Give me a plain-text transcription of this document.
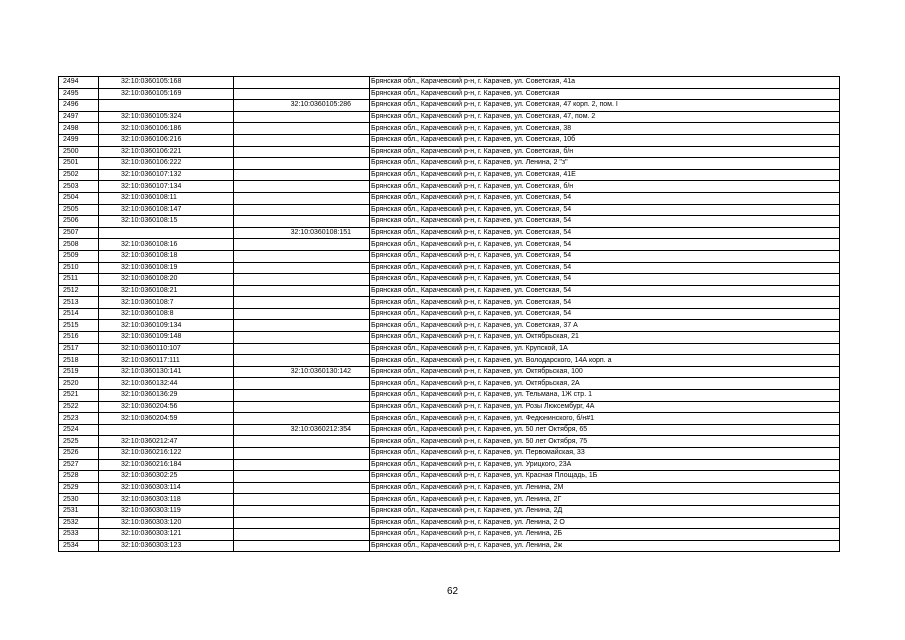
2494	32:10:0360105:168		Брянская обл., Карачевский р-н, г. Карачев, ул. Советская, 41а
2495	32:10:0360105:169		Брянская обл., Карачевский р-н, г. Карачев, ул. Советская
2496		32:10:0360105:286	Брянская обл., Карачевский р-н, г. Карачев, ул. Советская, 47 корп. 2, пом. I
2497	32:10:0360105:324		Брянская обл., Карачевский р-н, г. Карачев, ул. Советская, 47, пом. 2
2498	32:10:0360106:186		Брянская обл., Карачевский р-н, г. Карачев, ул. Советская, 38
2499	32:10:0360106:216		Брянская обл., Карачевский р-н, г. Карачев, ул. Советская, 10б
2500	32:10:0360106:221		Брянская обл., Карачевский р-н, г. Карачев, ул. Советская, б/н
2501	32:10:0360106:222		Брянская обл., Карачевский р-н, г. Карачев, ул. Ленина, 2 "з"
2502	32:10:0360107:132		Брянская обл., Карачевский р-н, г. Карачев, ул. Советская, 41Е
2503	32:10:0360107:134		Брянская обл., Карачевский р-н, г. Карачев, ул. Советская, б/н
2504	32:10:0360108:11		Брянская обл., Карачевский р-н, г. Карачев, ул. Советская, 54
2505	32:10:0360108:147		Брянская обл., Карачевский р-н, г. Карачев, ул. Советская, 54
2506	32:10:0360108:15		Брянская обл., Карачевский р-н, г. Карачев, ул. Советская, 54
2507		32:10:0360108:151	Брянская обл., Карачевский р-н, г. Карачев, ул. Советская, 54
2508	32:10:0360108:16		Брянская обл., Карачевский р-н, г. Карачев, ул. Советская, 54
2509	32:10:0360108:18		Брянская обл., Карачевский р-н, г. Карачев, ул. Советская, 54
2510	32:10:0360108:19		Брянская обл., Карачевский р-н, г. Карачев, ул. Советская, 54
2511	32:10:0360108:20		Брянская обл., Карачевский р-н, г. Карачев, ул. Советская, 54
2512	32:10:0360108:21		Брянская обл., Карачевский р-н, г. Карачев, ул. Советская, 54
2513	32:10:0360108:7		Брянская обл., Карачевский р-н, г. Карачев, ул. Советская, 54
2514	32:10:0360108:8		Брянская обл., Карачевский р-н, г. Карачев, ул. Советская, 54
2515	32:10:0360109:134		Брянская обл., Карачевский р-н, г. Карачев, ул. Советская, 37 А
2516	32:10:0360109:148		Брянская обл., Карачевский р-н, г. Карачев, ул. Октябрьская, 21
2517	32:10:0360110:107		Брянская обл., Карачевский р-н, г. Карачев, ул. Крупской, 1А
2518	32:10:0360117:111		Брянская обл., Карачевский р-н, г. Карачев, ул. Володарского, 14А корп. а
2519	32:10:0360130:141	32:10:0360130:142	Брянская обл., Карачевский р-н, г. Карачев, ул. Октябрьская, 100
2520	32:10:0360132:44		Брянская обл., Карачевский р-н, г. Карачев, ул. Октябрьская, 2А
2521	32:10:0360136:29		Брянская обл., Карачевский р-н, г. Карачев, ул. Тельмана, 1Ж стр. 1
2522	32:10:0360204:56		Брянская обл., Карачевский р-н, г. Карачев, ул. Розы Люксембург, 4А
2523	32:10:0360204:59		Брянская обл., Карачевский р-н, г. Карачев, ул. Федюнинского, б/н#1
2524		32:10:0360212:354	Брянская обл., Карачевский р-н, г. Карачев, ул. 50 лет Октября, 65
2525	32:10:0360212:47		Брянская обл., Карачевский р-н, г. Карачев, ул. 50 лет Октября, 75
2526	32:10:0360216:122		Брянская обл., Карачевский р-н, г. Карачев, ул. Первомайская, 33
2527	32:10:0360216:184		Брянская обл., Карачевский р-н, г. Карачев, ул. Урицкого, 23А
2528	32:10:0360302:25		Брянская обл., Карачевский р-н, г. Карачев, ул. Красная Площадь, 1Б
2529	32:10:0360303:114		Брянская обл., Карачевский р-н, г. Карачев, ул. Ленина, 2М
2530	32:10:0360303:118		Брянская обл., Карачевский р-н, г. Карачев, ул. Ленина, 2Г
2531	32:10:0360303:119		Брянская обл., Карачевский р-н, г. Карачев, ул. Ленина, 2Д
2532	32:10:0360303:120		Брянская обл., Карачевский р-н, г. Карачев, ул. Ленина, 2 О
2533	32:10:0360303:121		Брянская обл., Карачевский р-н, г. Карачев, ул. Ленина, 2Б
2534	32:10:0360303:123		Брянская обл., Карачевский р-н, г. Карачев, ул. Ленина, 2ж
62
